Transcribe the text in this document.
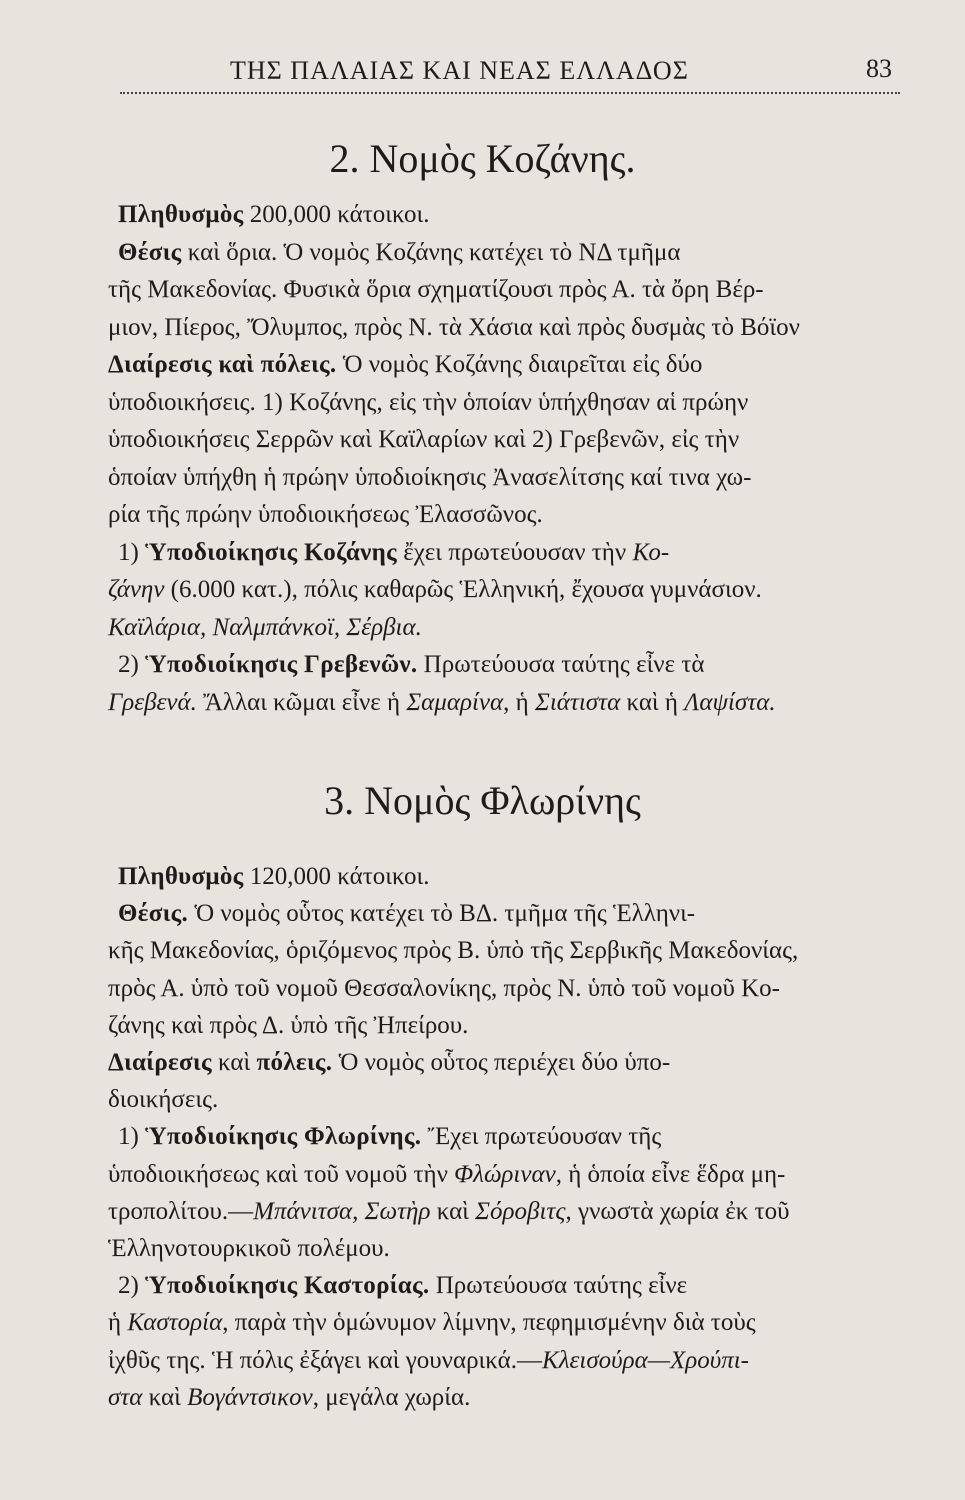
ΤΗΣ ΠΑΛΑΙΑΣ ΚΑΙ ΝΕΑΣ ΕΛΛΑΔΟΣ	83
2. Νομὸς Κοζάνης.
Πληθυσμὸς 200,000 κάτοικοι.
Θέσις καὶ ὅρια. Ὁ νομὸς Κοζάνης κατέχει τὸ ΝΔ τμῆμα
τῆς Μακεδονίας. Φυσικὰ ὅρια σχηματίζουσι πρὸς Α. τὰ ὄρη Βέρ-
μιον, Πίερος, Ὄλυμπος, πρὸς Ν. τὰ Χάσια καὶ πρὸς δυσμὰς τὸ Βόϊον
Διαίρεσις καὶ πόλεις. Ὁ νομὸς Κοζάνης διαιρεῖται εἰς δύο
ὑποδιοικήσεις. 1) Κοζάνης, εἰς τὴν ὁποίαν ὑπήχθησαν αἱ πρώην
ὑποδιοικήσεις Σερρῶν καὶ Καϊλαρίων καὶ 2) Γρεβενῶν, εἰς τὴν
ὁποίαν ὑπήχθη ἡ πρώην ὑποδιοίκησις Ἀνασελίτσης καί τινα χω-
ρία τῆς πρώην ὑποδιοικήσεως Ἐλασσῶνος.
1) Ὑποδιοίκησις Κοζάνης ἔχει πρωτεύουσαν τὴν Κο-
ζάνην (6.000 κατ.), πόλις καθαρῶς Ἑλληνική, ἔχουσα γυμνάσιον.
Καϊλάρια, Ναλμπάνκοϊ, Σέρβια.
2) Ὑποδιοίκησις Γρεβενῶν. Πρωτεύουσα ταύτης εἶνε τὰ
Γρεβενά. Ἄλλαι κῶμαι εἶνε ἡ Σαμαρίνα, ἡ Σιάτιστα καὶ ἡ Λαψίστα.
3. Νομὸς Φλωρίνης
Πληθυσμὸς 120,000 κάτοικοι.
Θέσις. Ὁ νομὸς οὗτος κατέχει τὸ ΒΔ. τμῆμα τῆς Ἑλληνι-
κῆς Μακεδονίας, ὁριζόμενος πρὸς Β. ὑπὸ τῆς Σερβικῆς Μακεδονίας,
πρὸς Α. ὑπὸ τοῦ νομοῦ Θεσσαλονίκης, πρὸς Ν. ὑπὸ τοῦ νομοῦ Κο-
ζάνης καὶ πρὸς Δ. ὑπὸ τῆς Ἠπείρου.
Διαίρεσις καὶ πόλεις. Ὁ νομὸς οὗτος περιέχει δύο ὑπο-
διοικήσεις.
1) Ὑποδιοίκησις Φλωρίνης. Ἔχει πρωτεύουσαν τῆς
ὑποδιοικήσεως καὶ τοῦ νομοῦ τὴν Φλώριναν, ἡ ὁποία εἶνε ἕδρα μη-
τροπολίτου.—Μπάνιτσα, Σωτὴρ καὶ Σόροβιτς, γνωστὰ χωρία ἐκ τοῦ
Ἑλληνοτουρκικοῦ πολέμου.
2) Ὑποδιοίκησις Καστορίας. Πρωτεύουσα ταύτης εἶνε
ἡ Καστορία, παρὰ τὴν ὁμώνυμον λίμνην, πεφημισμένην διὰ τοὺς
ἰχθῦς της. Ἡ πόλις ἐξάγει καὶ γουναρικά.—Κλεισούρα—Χρούπι-
στα καὶ Βογάντσικον, μεγάλα χωρία.
